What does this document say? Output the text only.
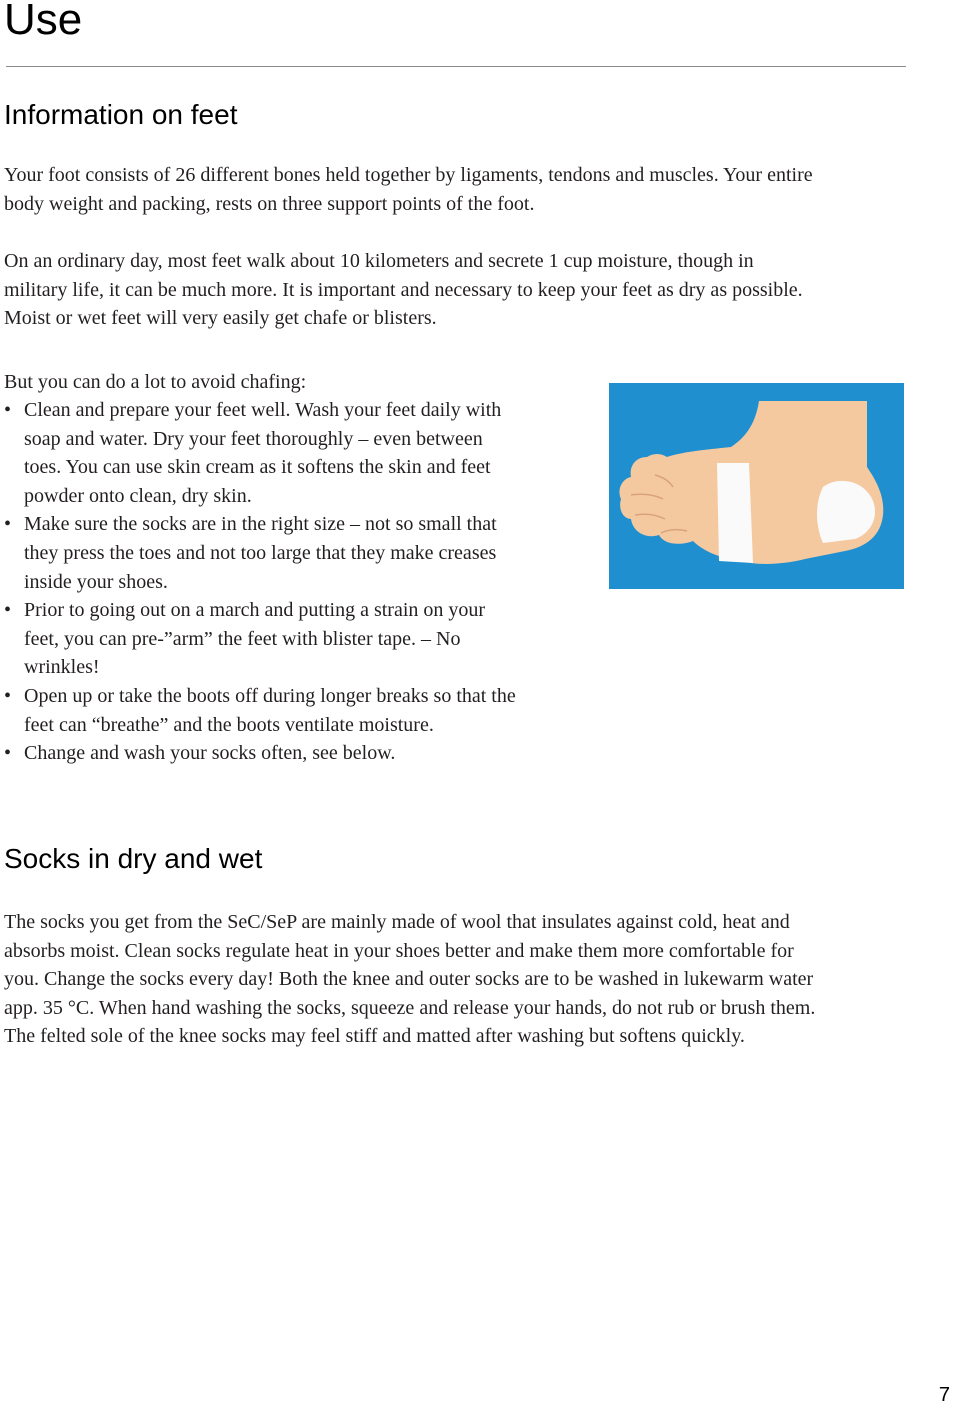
Use
Information on feet

Your foot consists of 26 different bones held together by ligaments, tendons and muscles. Your entire
body weight and packing, rests on three support points of the foot.

On an ordinary day, most feet walk about 10 kilometers and secrete 1 cup moisture, though in
military life, it can be much more. It is important and necessary to keep your feet as dry as possible.
Moist or wet feet will very easily get chafe or blisters.

But you can do a lot to avoid chafing:

• Clean and prepare your feet well. Wash your feet daily with
soap and water. Dry your feet thoroughly – even between
toes. You can use skin cream as it softens the skin and feet
powder onto clean, dry skin.
• Make sure the socks are in the right size – not so small that
they press the toes and not too large that they make creases
inside your shoes.
• Prior to going out on a march and putting a strain on your
feet, you can pre-”arm” the feet with blister tape. – No
wrinkles!
• Open up or take the boots off during longer breaks so that the
feet can “breathe” and the boots ventilate moisture.
• Change and wash your socks often, see below.
Socks in dry and wet

The socks you get from the SeC/SeP are mainly made of wool that insulates against cold, heat and
absorbs moist. Clean socks regulate heat in your shoes better and make them more comfortable for
you. Change the socks every day! Both the knee and outer socks are to be washed in lukewarm water
app. 35 °C. When hand washing the socks, squeeze and release your hands, do not rub or brush them.
The felted sole of the knee socks may feel stiff and matted after washing but softens quickly.

7
